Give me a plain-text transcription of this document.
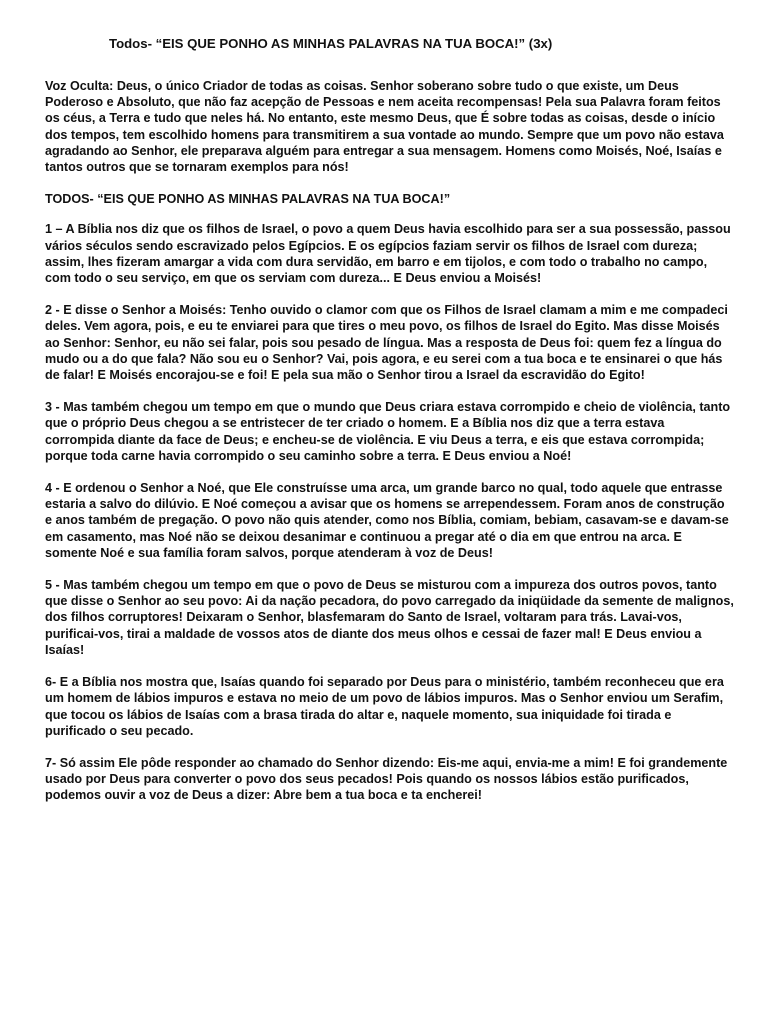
Todos- “EIS QUE PONHO AS MINHAS PALAVRAS NA TUA BOCA!” (3x)

Voz Oculta: Deus, o único Criador de todas as coisas. Senhor soberano sobre tudo o que existe, um Deus Poderoso e Absoluto, que não faz acepção de Pessoas e nem aceita recompensas! Pela sua Palavra foram feitos os céus, a Terra e tudo que neles há. No entanto, este mesmo Deus, que É sobre todas as coisas, desde o início dos tempos, tem escolhido homens para transmitirem a sua vontade ao mundo. Sempre que um povo não estava agradando ao Senhor, ele preparava alguém para entregar a sua mensagem. Homens como Moisés, Noé, Isaías e tantos outros que se tornaram exemplos para nós!

TODOS- “EIS QUE PONHO AS MINHAS PALAVRAS NA TUA BOCA!”

1 – A Bíblia nos diz que os filhos de Israel, o povo a quem Deus havia escolhido para ser a sua possessão, passou vários séculos sendo escravizado pelos Egípcios. E os egípcios faziam servir os filhos de Israel com dureza; assim, lhes fizeram amargar a vida com dura servidão, em barro e em tijolos, e com todo o trabalho no campo, com todo o seu serviço, em que os serviam com dureza... E Deus enviou a Moisés!

2 - E disse o Senhor a Moisés: Tenho ouvido o clamor com que os Filhos de Israel clamam a mim e me compadeci deles. Vem agora, pois, e eu te enviarei para que tires o meu povo, os filhos de Israel do Egito. Mas disse Moisés ao Senhor: Senhor, eu não sei falar, pois sou pesado de língua. Mas a resposta de Deus foi: quem fez a língua do mudo ou a do que fala? Não sou eu o Senhor? Vai, pois agora, e eu serei com a tua boca e te ensinarei o que hás de falar! E Moisés encorajou-se e foi! E pela sua mão o Senhor tirou a Israel da escravidão do Egito!

3 - Mas também chegou um tempo em que o mundo que Deus criara estava corrompido e cheio de violência, tanto que o próprio Deus chegou a se entristecer de ter criado o homem. E a Bíblia nos diz que a terra estava corrompida diante da face de Deus; e encheu-se de violência. E viu Deus a terra, e eis que estava corrompida; porque toda carne havia corrompido o seu caminho sobre a terra. E Deus enviou a Noé!

4 - E ordenou o Senhor a Noé, que Ele construísse uma arca, um grande barco no qual, todo aquele que entrasse estaria a salvo do dilúvio. E Noé começou a avisar que os homens se arrependessem. Foram anos de construção e anos também de pregação. O povo não quis atender, como nos Bíblia, comiam, bebiam, casavam-se e davam-se em casamento, mas Noé não se deixou desanimar e continuou a pregar até o dia em que entrou na arca. E somente Noé e sua família foram salvos, porque atenderam à voz de Deus!

5 - Mas também chegou um tempo em que o povo de Deus se misturou com a impureza dos outros povos, tanto que disse o Senhor ao seu povo: Ai da nação pecadora, do povo carregado da iniqüidade da semente de malignos, dos filhos corruptores! Deixaram o Senhor, blasfemaram do Santo de Israel, voltaram para trás. Lavai-vos, purificai-vos, tirai a maldade de vossos atos de diante dos meus olhos e cessai de fazer mal! E Deus enviou a Isaías!

6- E a Bíblia nos mostra que, Isaías quando foi separado por Deus para o ministério, também reconheceu que era um homem de lábios impuros e estava no meio de um povo de lábios impuros. Mas o Senhor enviou um Serafim, que tocou os lábios de Isaías com a brasa tirada do altar e, naquele momento, sua iniquidade foi tirada e purificado o seu pecado.

7- Só assim Ele pôde responder ao chamado do Senhor dizendo: Eis-me aqui, envia-me a mim! E foi grandemente usado por Deus para converter o povo dos seus pecados! Pois quando os nossos lábios estão purificados, podemos ouvir a voz de Deus a dizer: Abre bem a tua boca e ta encherei!
